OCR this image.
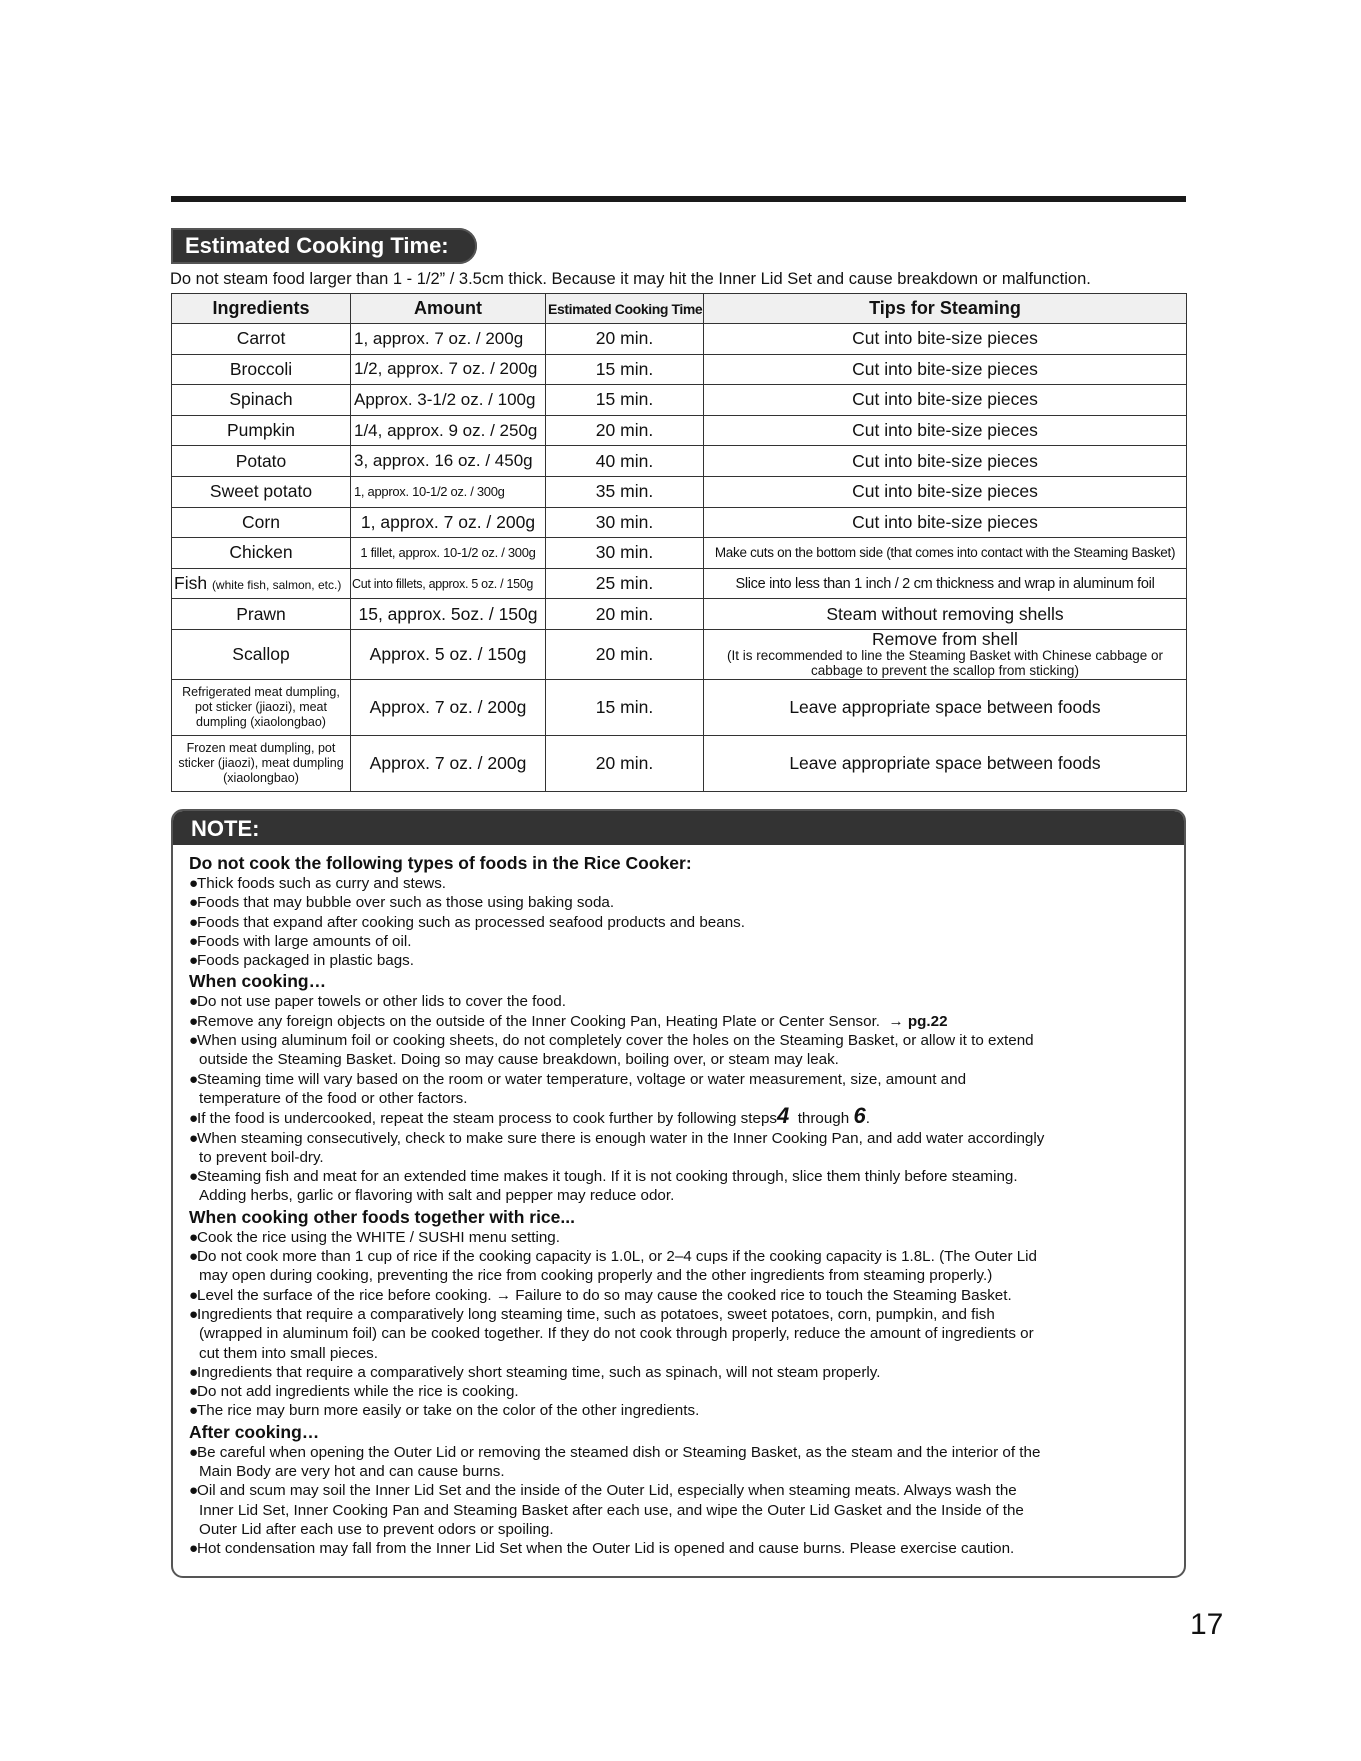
Estimated Cooking Time:
Do not steam food larger than 1 - 1/2” / 3.5cm thick. Because it may hit the Inner Lid Set and cause breakdown or malfunction.
Ingredients	Amount	Estimated Cooking Time	Tips for Steaming
Carrot	1, approx. 7 oz. / 200g	20 min.	Cut into bite-size pieces
Broccoli	1/2, approx. 7 oz. / 200g	15 min.	Cut into bite-size pieces
Spinach	Approx. 3-1/2 oz. / 100g	15 min.	Cut into bite-size pieces
Pumpkin	1/4, approx. 9 oz. / 250g	20 min.	Cut into bite-size pieces
Potato	3, approx. 16 oz. / 450g	40 min.	Cut into bite-size pieces
Sweet potato	1, approx. 10-1/2 oz. / 300g	35 min.	Cut into bite-size pieces
Corn	1, approx. 7 oz. / 200g	30 min.	Cut into bite-size pieces
Chicken	1 fillet, approx. 10-1/2 oz. / 300g	30 min.	Make cuts on the bottom side (that comes into contact with the Steaming Basket)
Fish (white fish, salmon, etc.)	Cut into fillets, approx. 5 oz. / 150g	25 min.	Slice into less than 1 inch / 2 cm thickness and wrap in aluminum foil
Prawn	15, approx. 5oz. / 150g	20 min.	Steam without removing shells
Scallop	Approx. 5 oz. / 150g	20 min.	Remove from shell
(It is recommended to line the Steaming Basket with Chinese cabbage or cabbage to prevent the scallop from sticking)

Refrigerated meat dumpling, pot sticker (jiaozi), meat dumpling (xiaolongbao)	Approx. 7 oz. / 200g	15 min.	Leave appropriate space between foods
Frozen meat dumpling, pot sticker (jiaozi), meat dumpling (xiaolongbao)	Approx. 7 oz. / 200g	20 min.	Leave appropriate space between foods
NOTE:
Do not cook the following types of foods in the Rice Cooker:

●Thick foods such as curry and stews.

●Foods that may bubble over such as those using baking soda.

●Foods that expand after cooking such as processed seafood products and beans.

●Foods with large amounts of oil.

●Foods packaged in plastic bags.

When cooking…

●Do not use paper towels or other lids to cover the food.

●Remove any foreign objects on the outside of the Inner Cooking Pan, Heating Plate or Center Sensor. → pg.22

●When using aluminum foil or cooking sheets, do not completely cover the holes on the Steaming Basket, or allow it to extend
outside the Steaming Basket. Doing so may cause breakdown, boiling over, or steam may leak.

●Steaming time will vary based on the room or water temperature, voltage or water measurement, size, amount and
temperature of the food or other factors.

●If the food is undercooked, repeat the steam process to cook further by following steps4 through 6.

●When steaming consecutively, check to make sure there is enough water in the Inner Cooking Pan, and add water accordingly
to prevent boil-dry.

●Steaming fish and meat for an extended time makes it tough. If it is not cooking through, slice them thinly before steaming.
Adding herbs, garlic or flavoring with salt and pepper may reduce odor.

When cooking other foods together with rice...

●Cook the rice using the WHITE / SUSHI menu setting.

●Do not cook more than 1 cup of rice if the cooking capacity is 1.0L, or 2–4 cups if the cooking capacity is 1.8L. (The Outer Lid
may open during cooking, preventing the rice from cooking properly and the other ingredients from steaming properly.)

●Level the surface of the rice before cooking. → Failure to do so may cause the cooked rice to touch the Steaming Basket.

●Ingredients that require a comparatively long steaming time, such as potatoes, sweet potatoes, corn, pumpkin, and fish
(wrapped in aluminum foil) can be cooked together. If they do not cook through properly, reduce the amount of ingredients or
cut them into small pieces.

●Ingredients that require a comparatively short steaming time, such as spinach, will not steam properly.

●Do not add ingredients while the rice is cooking.

●The rice may burn more easily or take on the color of the other ingredients.

After cooking…

●Be careful when opening the Outer Lid or removing the steamed dish or Steaming Basket, as the steam and the interior of the
Main Body are very hot and can cause burns.

●Oil and scum may soil the Inner Lid Set and the inside of the Outer Lid, especially when steaming meats. Always wash the
Inner Lid Set, Inner Cooking Pan and Steaming Basket after each use, and wipe the Outer Lid Gasket and the Inside of the
Outer Lid after each use to prevent odors or spoiling.

●Hot condensation may fall from the Inner Lid Set when the Outer Lid is opened and cause burns. Please exercise caution.

17
